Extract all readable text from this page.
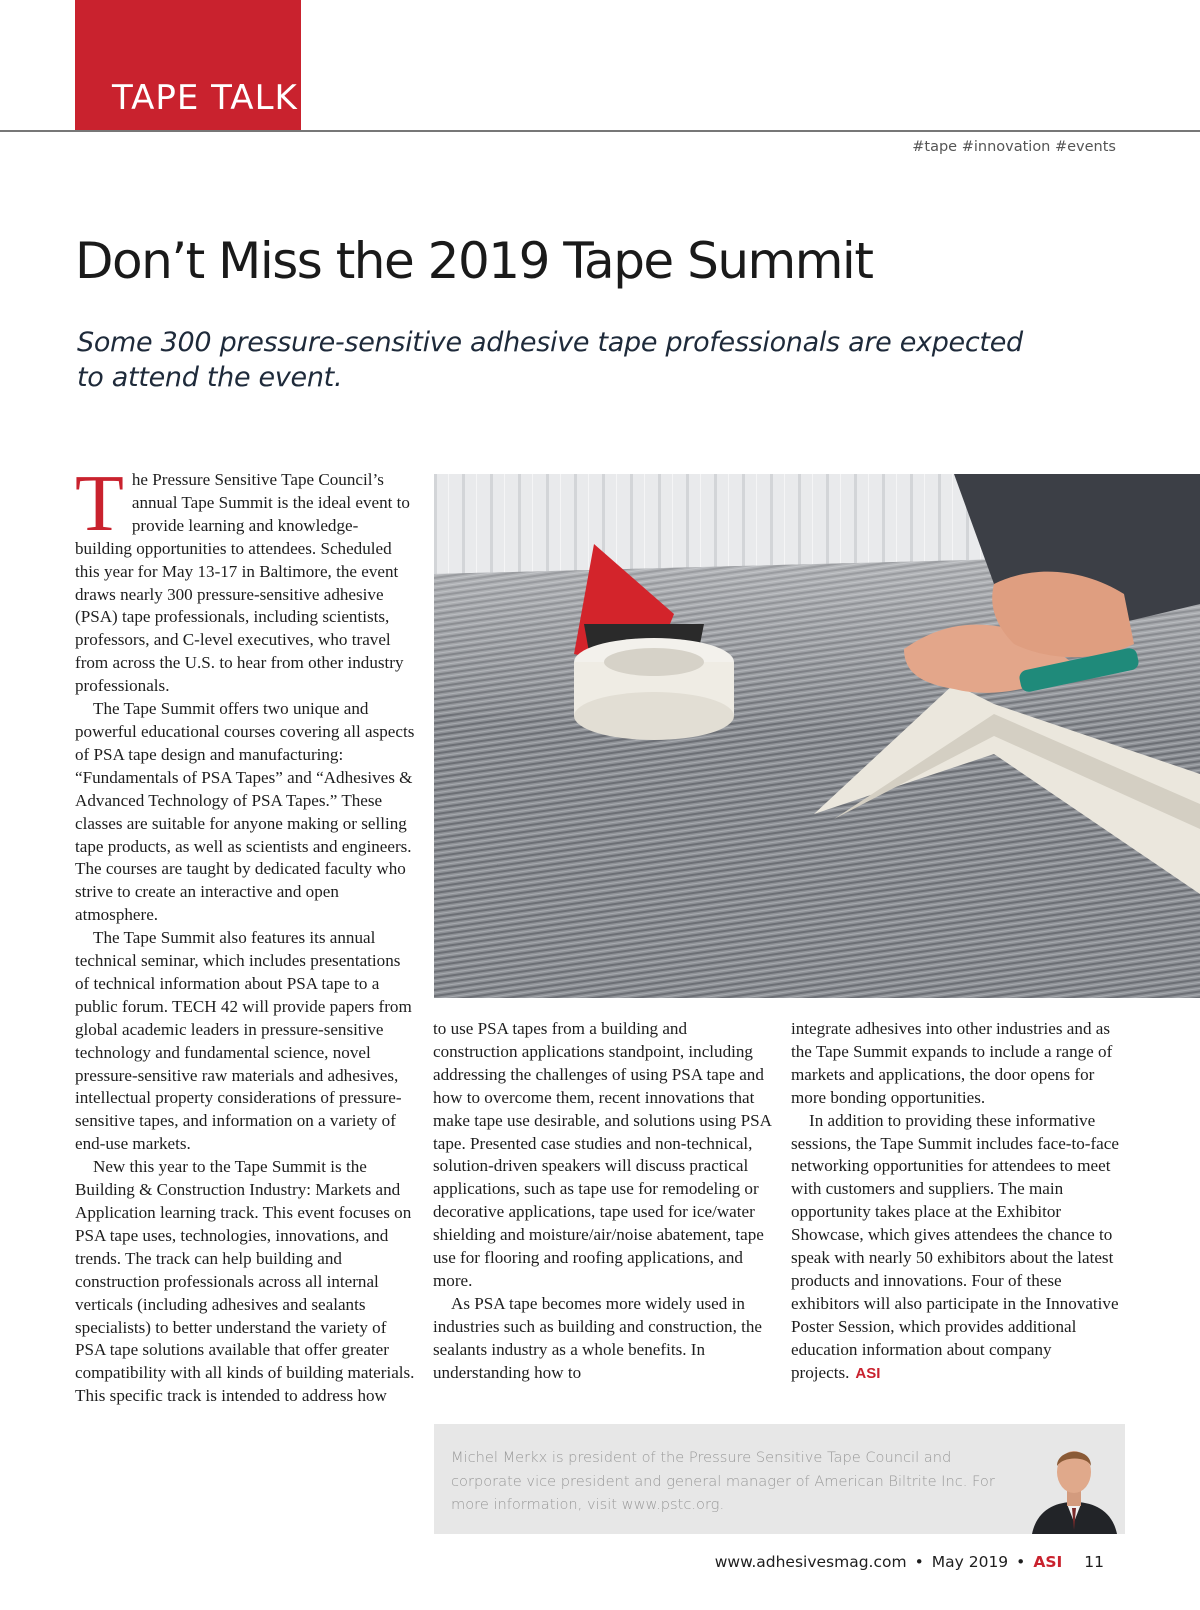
TAPE TALK
#tape #innovation #events
Don’t Miss the 2019 Tape Summit

Some 300 pressure-sensitive adhesive tape professionals are expected to attend the event.

The Pressure Sensitive Tape Council’s annual Tape Summit is the ideal event to provide learning and knowledge-building opportunities to attendees. Scheduled this year for May 13-17 in Baltimore, the event draws nearly 300 pressure-sensitive adhesive (PSA) tape professionals, including scientists, professors, and C-level executives, who travel from across the U.S. to hear from other industry professionals.

The Tape Summit offers two unique and powerful educational courses covering all aspects of PSA tape design and manufacturing: “Fundamentals of PSA Tapes” and “Adhesives & Advanced Technology of PSA Tapes.” These classes are suitable for anyone making or selling tape products, as well as scientists and engineers. The courses are taught by dedicated faculty who strive to create an interactive and open atmosphere.

The Tape Summit also features its annual technical seminar, which includes presentations of technical information about PSA tape to a public forum. TECH 42 will provide papers from global academic leaders in pressure-sensitive technology and fundamental science, novel pressure-sensitive raw materials and adhesives, intellectual property considerations of pressure-sensitive tapes, and information on a variety of end-use markets.

New this year to the Tape Summit is the Building & Construction Industry: Markets and Application learning track. This event focuses on PSA tape uses, technologies, innovations, and trends. The track can help building and construction professionals across all internal verticals (including adhesives and sealants specialists) to better understand the variety of PSA tape solutions available that offer greater compatibility with all kinds of building materials. This specific track is intended to address how

to use PSA tapes from a building and construction applications standpoint, including addressing the challenges of using PSA tape and how to overcome them, recent innovations that make tape use desirable, and solutions using PSA tape. Presented case studies and non-technical, solution-driven speakers will discuss practical applications, such as tape use for remodeling or decorative applications, tape used for ice/water shielding and moisture/air/noise abatement, tape use for flooring and roofing applications, and more.

As PSA tape becomes more widely used in industries such as building and construction, the sealants industry as a whole benefits. In understanding how to

integrate adhesives into other industries and as the Tape Summit expands to include a range of markets and applications, the door opens for more bonding opportunities.

In addition to providing these informative sessions, the Tape Summit includes face-to-face networking opportunities for attendees to meet with customers and suppliers. The main opportunity takes place at the Exhibitor Showcase, which gives attendees the chance to speak with nearly 50 exhibitors about the latest products and innovations. Four of these exhibitors will also participate in the Innovative Poster Session, which provides additional education information about company projects. ASI

Michel Merkx is president of the Pressure Sensitive Tape Council and corporate vice president and general manager of American Biltrite Inc. For more information, visit www.pstc.org.
www.adhesivesmag.com • May 2019 • ASI 11
